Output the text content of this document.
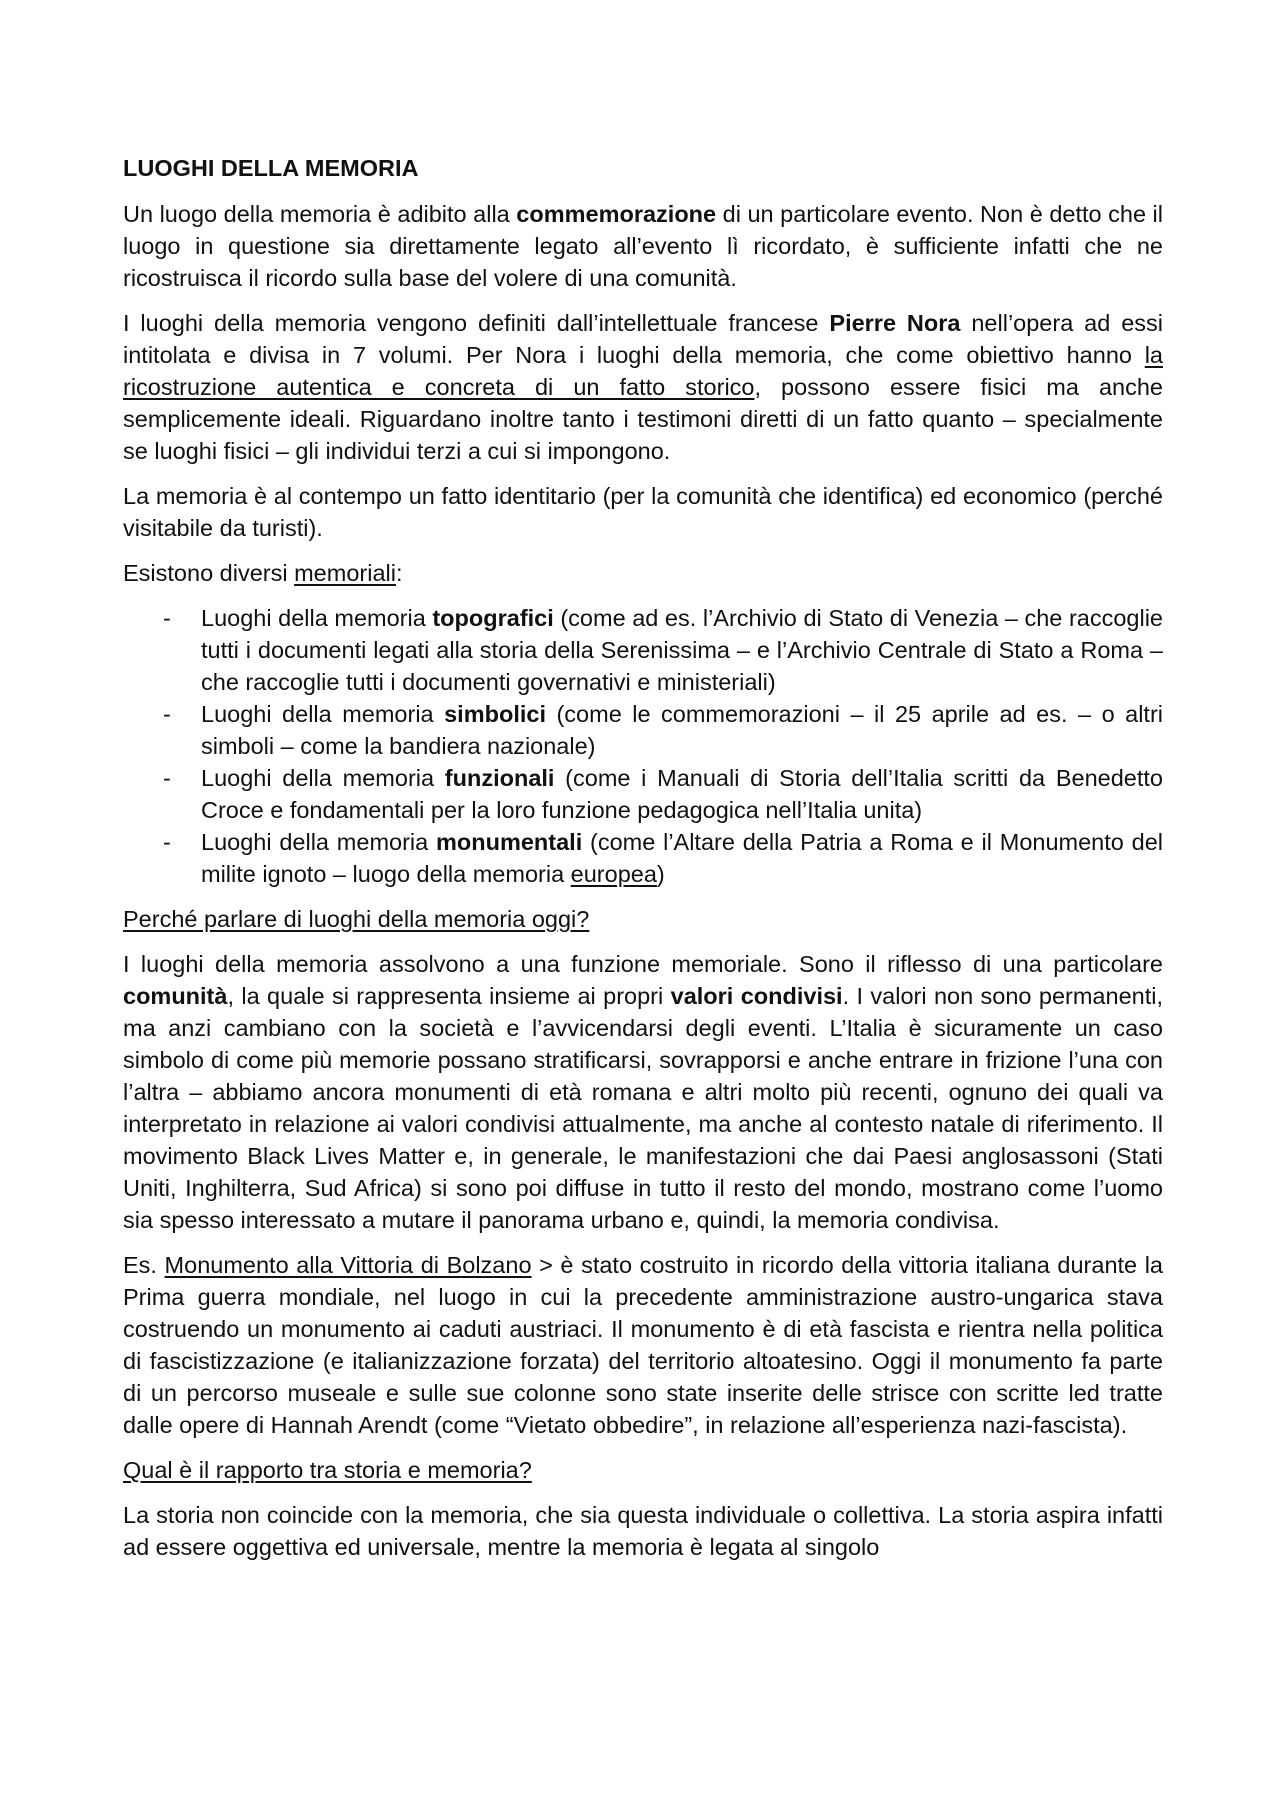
LUOGHI DELLA MEMORIA

Un luogo della memoria è adibito alla commemorazione di un particolare evento. Non è detto che il luogo in questione sia direttamente legato all’evento lì ricordato, è sufficiente infatti che ne ricostruisca il ricordo sulla base del volere di una comunità.

I luoghi della memoria vengono definiti dall’intellettuale francese Pierre Nora nell’opera ad essi intitolata e divisa in 7 volumi. Per Nora i luoghi della memoria, che come obiettivo hanno la ricostruzione autentica e concreta di un fatto storico, possono essere fisici ma anche semplicemente ideali. Riguardano inoltre tanto i testimoni diretti di un fatto quanto – specialmente se luoghi fisici – gli individui terzi a cui si impongono.

La memoria è al contempo un fatto identitario (per la comunità che identifica) ed economico (perché visitabile da turisti).

Esistono diversi memoriali:

- Luoghi della memoria topografici (come ad es. l’Archivio di Stato di Venezia – che raccoglie tutti i documenti legati alla storia della Serenissima – e l’Archivio Centrale di Stato a Roma – che raccoglie tutti i documenti governativi e ministeriali)
- Luoghi della memoria simbolici (come le commemorazioni – il 25 aprile ad es. – o altri simboli – come la bandiera nazionale)
- Luoghi della memoria funzionali (come i Manuali di Storia dell’Italia scritti da Benedetto Croce e fondamentali per la loro funzione pedagogica nell’Italia unita)
- Luoghi della memoria monumentali (come l’Altare della Patria a Roma e il Monumento del milite ignoto – luogo della memoria europea)

Perché parlare di luoghi della memoria oggi?

I luoghi della memoria assolvono a una funzione memoriale. Sono il riflesso di una particolare comunità, la quale si rappresenta insieme ai propri valori condivisi. I valori non sono permanenti, ma anzi cambiano con la società e l’avvicendarsi degli eventi. L’Italia è sicuramente un caso simbolo di come più memorie possano stratificarsi, sovrapporsi e anche entrare in frizione l’una con l’altra – abbiamo ancora monumenti di età romana e altri molto più recenti, ognuno dei quali va interpretato in relazione ai valori condivisi attualmente, ma anche al contesto natale di riferimento. Il movimento Black Lives Matter e, in generale, le manifestazioni che dai Paesi anglosassoni (Stati Uniti, Inghilterra, Sud Africa) si sono poi diffuse in tutto il resto del mondo, mostrano come l’uomo sia spesso interessato a mutare il panorama urbano e, quindi, la memoria condivisa.

Es. Monumento alla Vittoria di Bolzano > è stato costruito in ricordo della vittoria italiana durante la Prima guerra mondiale, nel luogo in cui la precedente amministrazione austro-ungarica stava costruendo un monumento ai caduti austriaci. Il monumento è di età fascista e rientra nella politica di fascistizzazione (e italianizzazione forzata) del territorio altoatesino. Oggi il monumento fa parte di un percorso museale e sulle sue colonne sono state inserite delle strisce con scritte led tratte dalle opere di Hannah Arendt (come “Vietato obbedire”, in relazione all’esperienza nazi-fascista).

Qual è il rapporto tra storia e memoria?

La storia non coincide con la memoria, che sia questa individuale o collettiva. La storia aspira infatti ad essere oggettiva ed universale, mentre la memoria è legata al singolo
